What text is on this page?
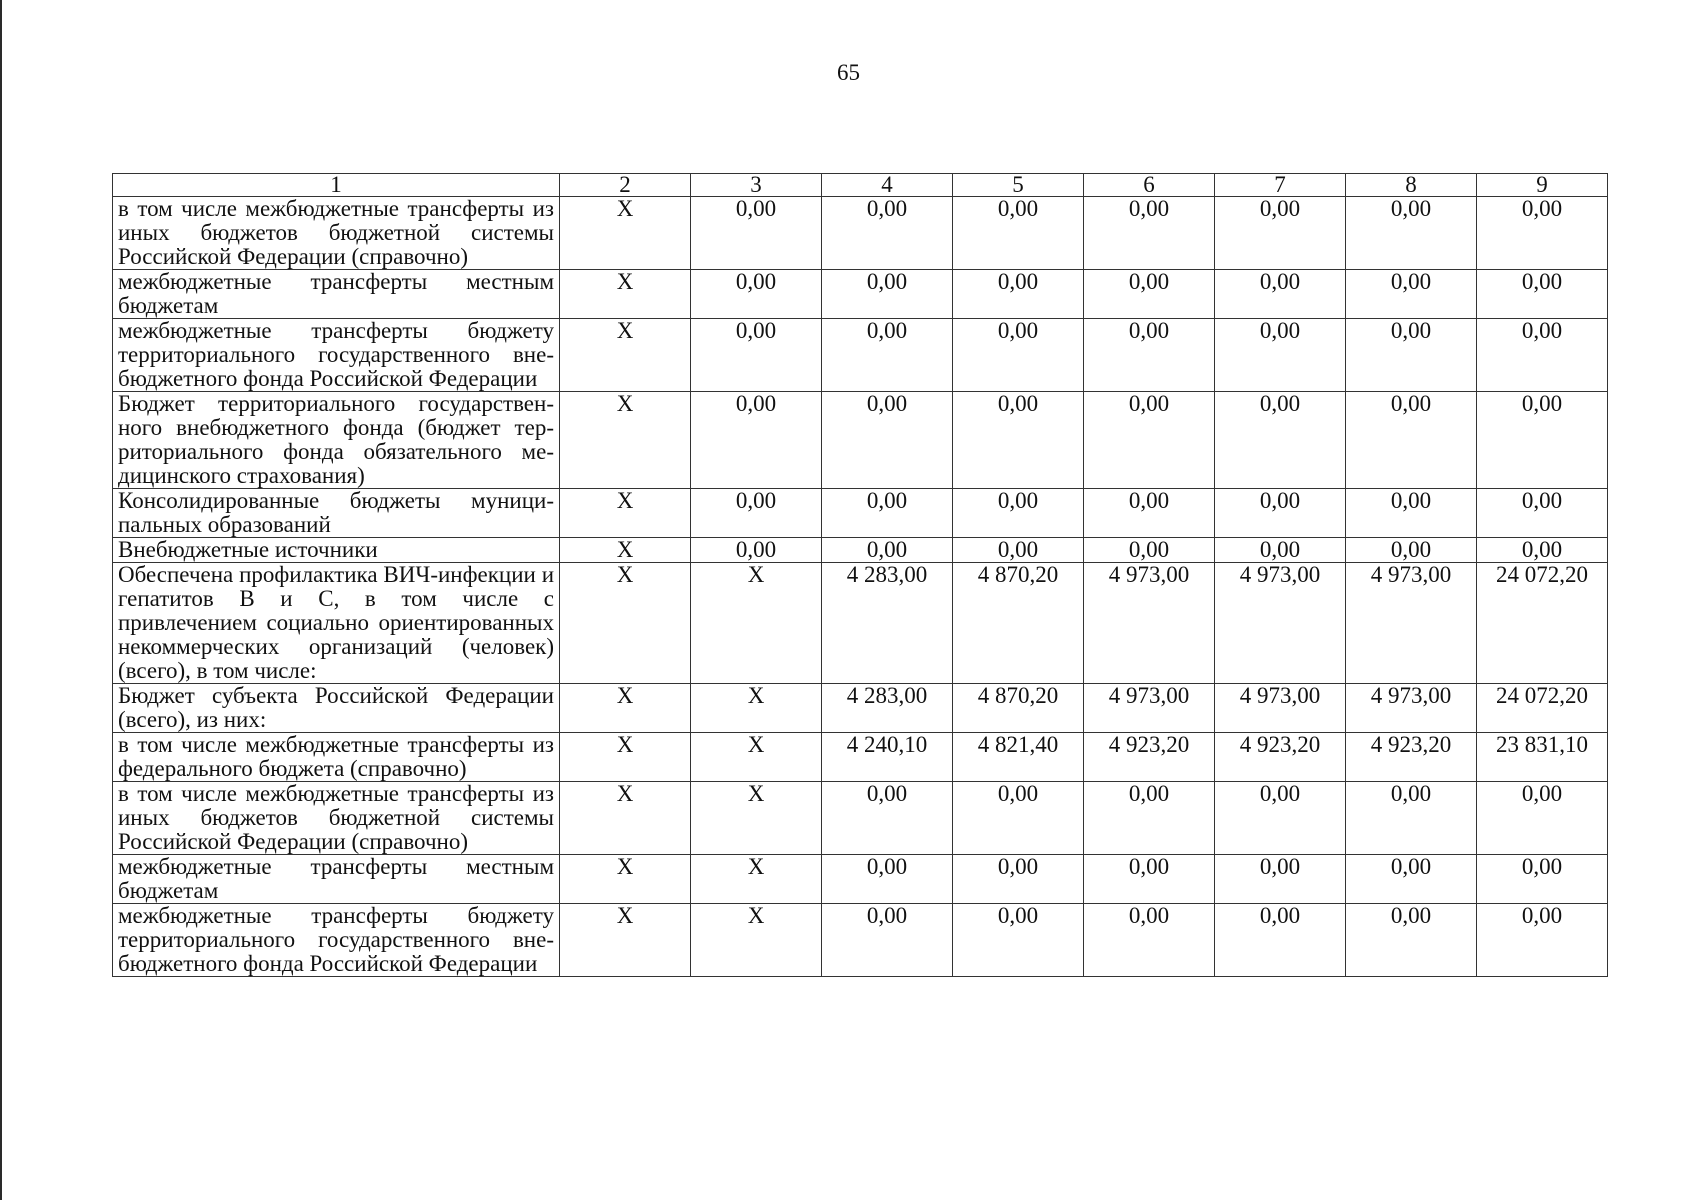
65
1	2	3	4	5	6	7	8	9
в том числе межбюджетные трансферты из иных бюджетов бюджетной системы Российской Федерации (справочно)	X	0,00	0,00	0,00	0,00	0,00	0,00	0,00
межбюджетные трансферты местным бюджетам	X	0,00	0,00	0,00	0,00	0,00	0,00	0,00
межбюджетные трансферты бюджету территориального государственного внебюджетного фонда Российской Федерации	X	0,00	0,00	0,00	0,00	0,00	0,00	0,00
Бюджет территориального государственного внебюджетного фонда (бюджет территориального фонда обязательного медицинского страхования)	X	0,00	0,00	0,00	0,00	0,00	0,00	0,00
Консолидированные бюджеты муниципальных образований	X	0,00	0,00	0,00	0,00	0,00	0,00	0,00
Внебюджетные источники	X	0,00	0,00	0,00	0,00	0,00	0,00	0,00
Обеспечена профилактика ВИЧ-инфекции и гепатитов В и С, в том числе с привлечением социально ориентированных некоммерческих организаций (человек) (всего), в том числе:	X	X	4 283,00	4 870,20	4 973,00	4 973,00	4 973,00	24 072,20
Бюджет субъекта Российской Федерации (всего), из них:	X	X	4 283,00	4 870,20	4 973,00	4 973,00	4 973,00	24 072,20
в том числе межбюджетные трансферты из федерального бюджета (справочно)	X	X	4 240,10	4 821,40	4 923,20	4 923,20	4 923,20	23 831,10
в том числе межбюджетные трансферты из иных бюджетов бюджетной системы Российской Федерации (справочно)	X	X	0,00	0,00	0,00	0,00	0,00	0,00
межбюджетные трансферты местным бюджетам	X	X	0,00	0,00	0,00	0,00	0,00	0,00
межбюджетные трансферты бюджету территориального государственного внебюджетного фонда Российской Федерации	X	X	0,00	0,00	0,00	0,00	0,00	0,00
